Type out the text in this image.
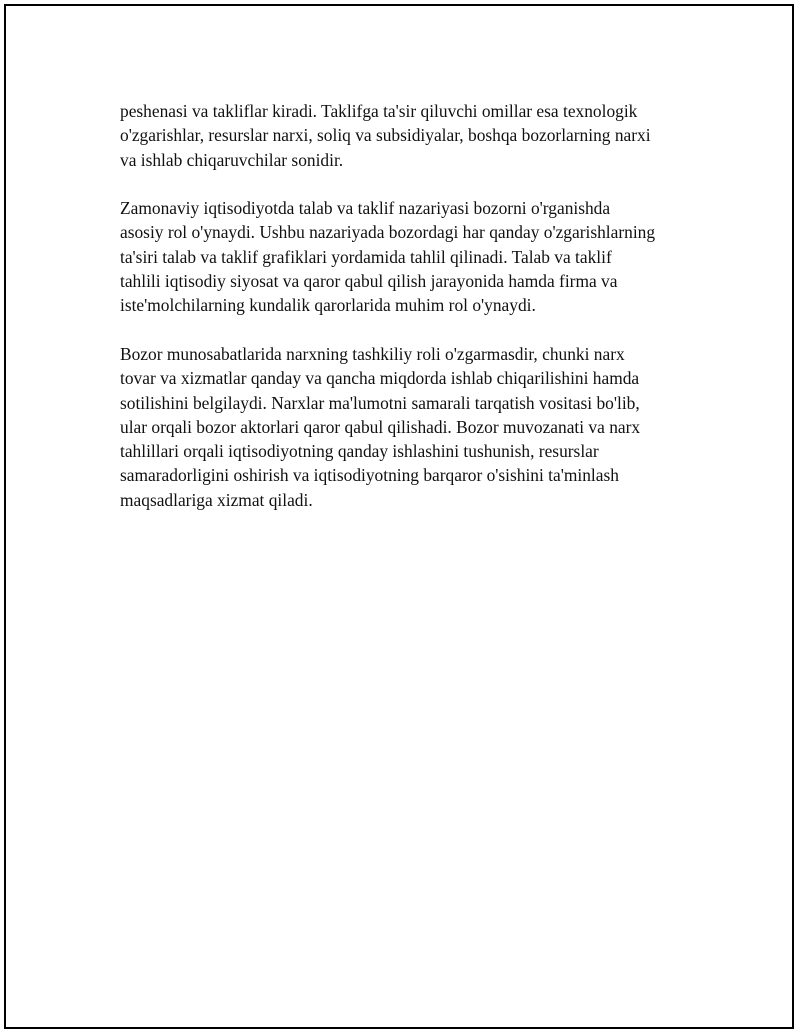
peshenasi va takliflar kiradi. Taklifga ta'sir qiluvchi omillar esa texnologik
o'zgarishlar, resurslar narxi, soliq va subsidiyalar, boshqa bozorlarning narxi
va ishlab chiqaruvchilar sonidir.

Zamonaviy iqtisodiyotda talab va taklif nazariyasi bozorni o'rganishda
asosiy rol o'ynaydi. Ushbu nazariyada bozordagi har qanday o'zgarishlarning
ta'siri talab va taklif grafiklari yordamida tahlil qilinadi. Talab va taklif
tahlili iqtisodiy siyosat va qaror qabul qilish jarayonida hamda firma va
iste'molchilarning kundalik qarorlarida muhim rol o'ynaydi.

Bozor munosabatlarida narxning tashkiliy roli o'zgarmasdir, chunki narx
tovar va xizmatlar qanday va qancha miqdorda ishlab chiqarilishini hamda
sotilishini belgilaydi. Narxlar ma'lumotni samarali tarqatish vositasi bo'lib,
ular orqali bozor aktorlari qaror qabul qilishadi. Bozor muvozanati va narx
tahlillari orqali iqtisodiyotning qanday ishlashini tushunish, resurslar
samaradorligini oshirish va iqtisodiyotning barqaror o'sishini ta'minlash
maqsadlariga xizmat qiladi.
